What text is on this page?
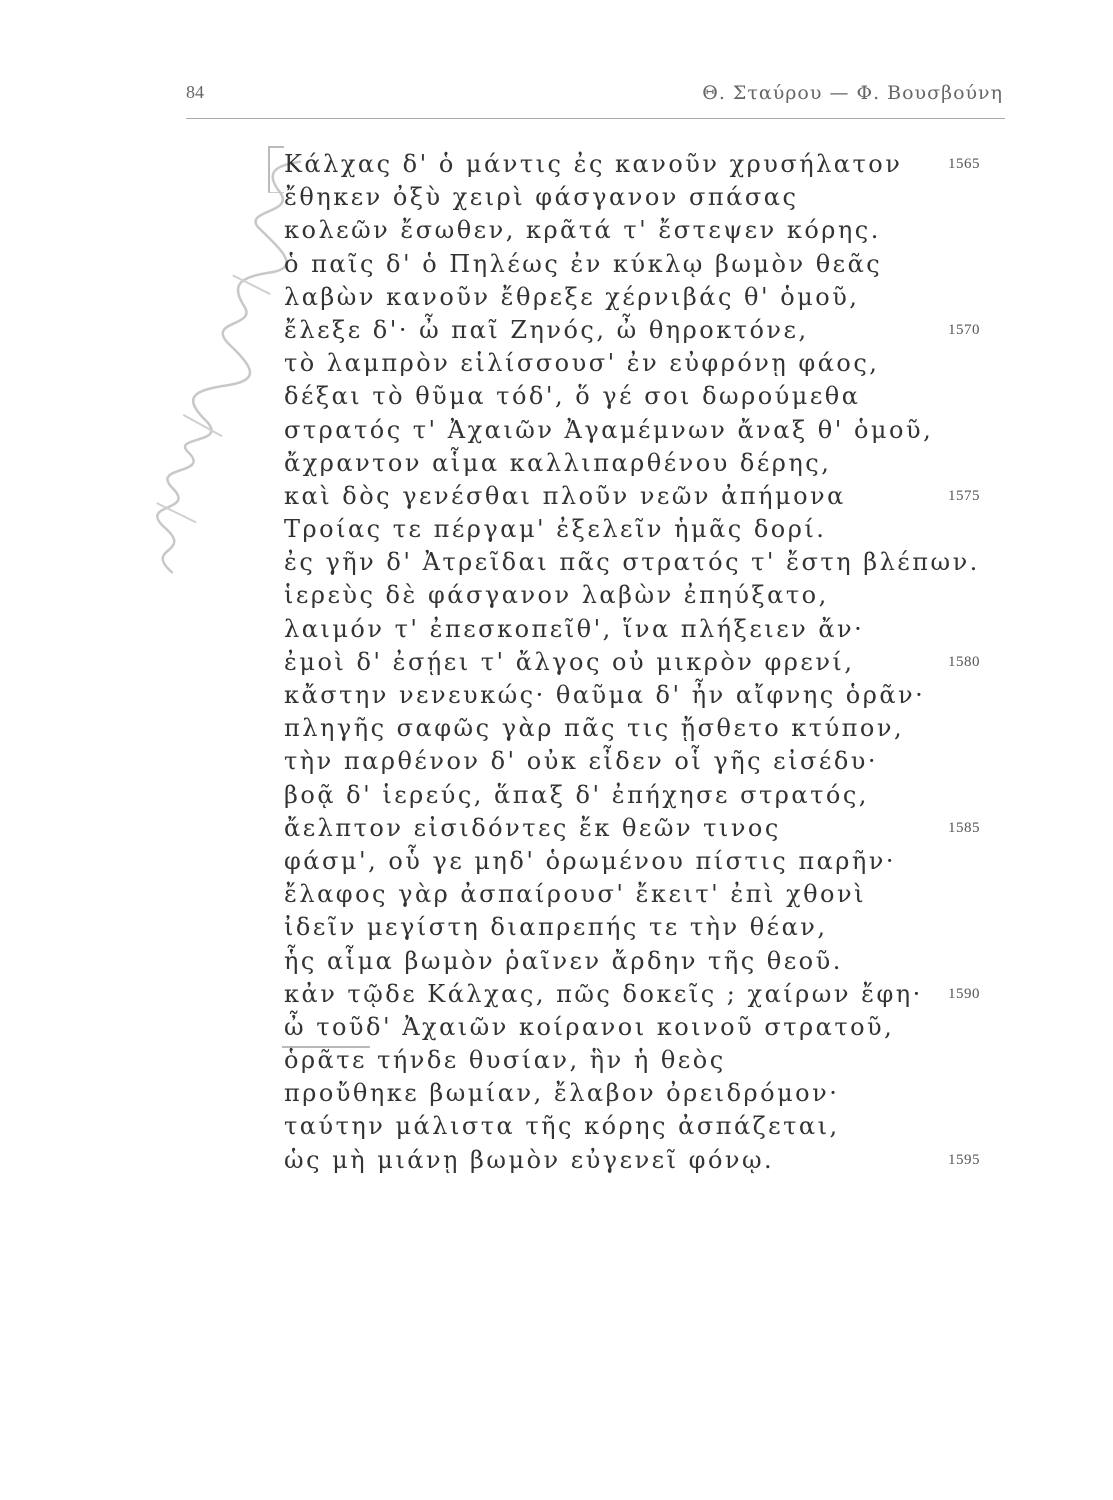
84	Θ. Σταύρου — Φ. Βουσβούνη
Κάλχας δ' ὁ μάντις ἐς κανοῦν χρυσήλατον	1565
ἔθηκεν ὀξὺ χειρὶ φάσγανον σπάσας
κολεῶν ἔσωθεν, κρᾶτά τ' ἔστεψεν κόρης.
ὁ παῖς δ' ὁ Πηλέως ἐν κύκλῳ βωμὸν θεᾶς
λαβὼν κανοῦν ἔθρεξε χέρνιβάς θ' ὁμοῦ,
ἔλεξε δ'· ὦ παῖ Ζηνός, ὦ θηροκτόνε,	1570
τὸ λαμπρὸν εἱλίσσουσ' ἐν εὐφρόνῃ φάος,
δέξαι τὸ θῦμα τόδ', ὅ γέ σοι δωρούμεθα
στρατός τ' Ἀχαιῶν Ἀγαμέμνων ἄναξ θ' ὁμοῦ,
ἄχραντον αἷμα καλλιπαρθένου δέρης,
καὶ δὸς γενέσθαι πλοῦν νεῶν ἀπήμονα	1575
Τροίας τε πέργαμ' ἐξελεῖν ἡμᾶς δορί.
ἐς γῆν δ' Ἀτρεῖδαι πᾶς στρατός τ' ἔστη βλέπων.
ἱερεὺς δὲ φάσγανον λαβὼν ἐπηύξατο,
λαιμόν τ' ἐπεσκοπεῖθ', ἵνα πλήξειεν ἄν·
ἐμοὶ δ' ἐσῄει τ' ἄλγος οὐ μικρὸν φρενί,	1580
κἄστην νενευκώς· θαῦμα δ' ἦν αἴφνης ὁρᾶν·
πληγῆς σαφῶς γὰρ πᾶς τις ᾔσθετο κτύπον,
τὴν παρθένον δ' οὐκ εἶδεν οἷ γῆς εἰσέδυ·
βοᾷ δ' ἱερεύς, ἅπαξ δ' ἐπήχησε στρατός,
ἄελπτον εἰσιδόντες ἔκ θεῶν τινος	1585
φάσμ', οὗ γε μηδ' ὁρωμένου πίστις παρῆν·
ἔλαφος γὰρ ἀσπαίρουσ' ἔκειτ' ἐπὶ χθονὶ
ἰδεῖν μεγίστη διαπρεπής τε τὴν θέαν,
ἧς αἷμα βωμὸν ῥαῖνεν ἄρδην τῆς θεοῦ.
κἀν τῷδε Κάλχας, πῶς δοκεῖς ; χαίρων ἔφη· 1590
ὦ τοῦδ' Ἀχαιῶν κοίρανοι κοινοῦ στρατοῦ,
ὁρᾶτε τήνδε θυσίαν, ἣν ἡ θεὸς
προὔθηκε βωμίαν, ἔλαβον ὀρειδρόμον·
ταύτην μάλιστα τῆς κόρης ἀσπάζεται,
ὡς μὴ μιάνῃ βωμὸν εὐγενεῖ φόνῳ.	1595
